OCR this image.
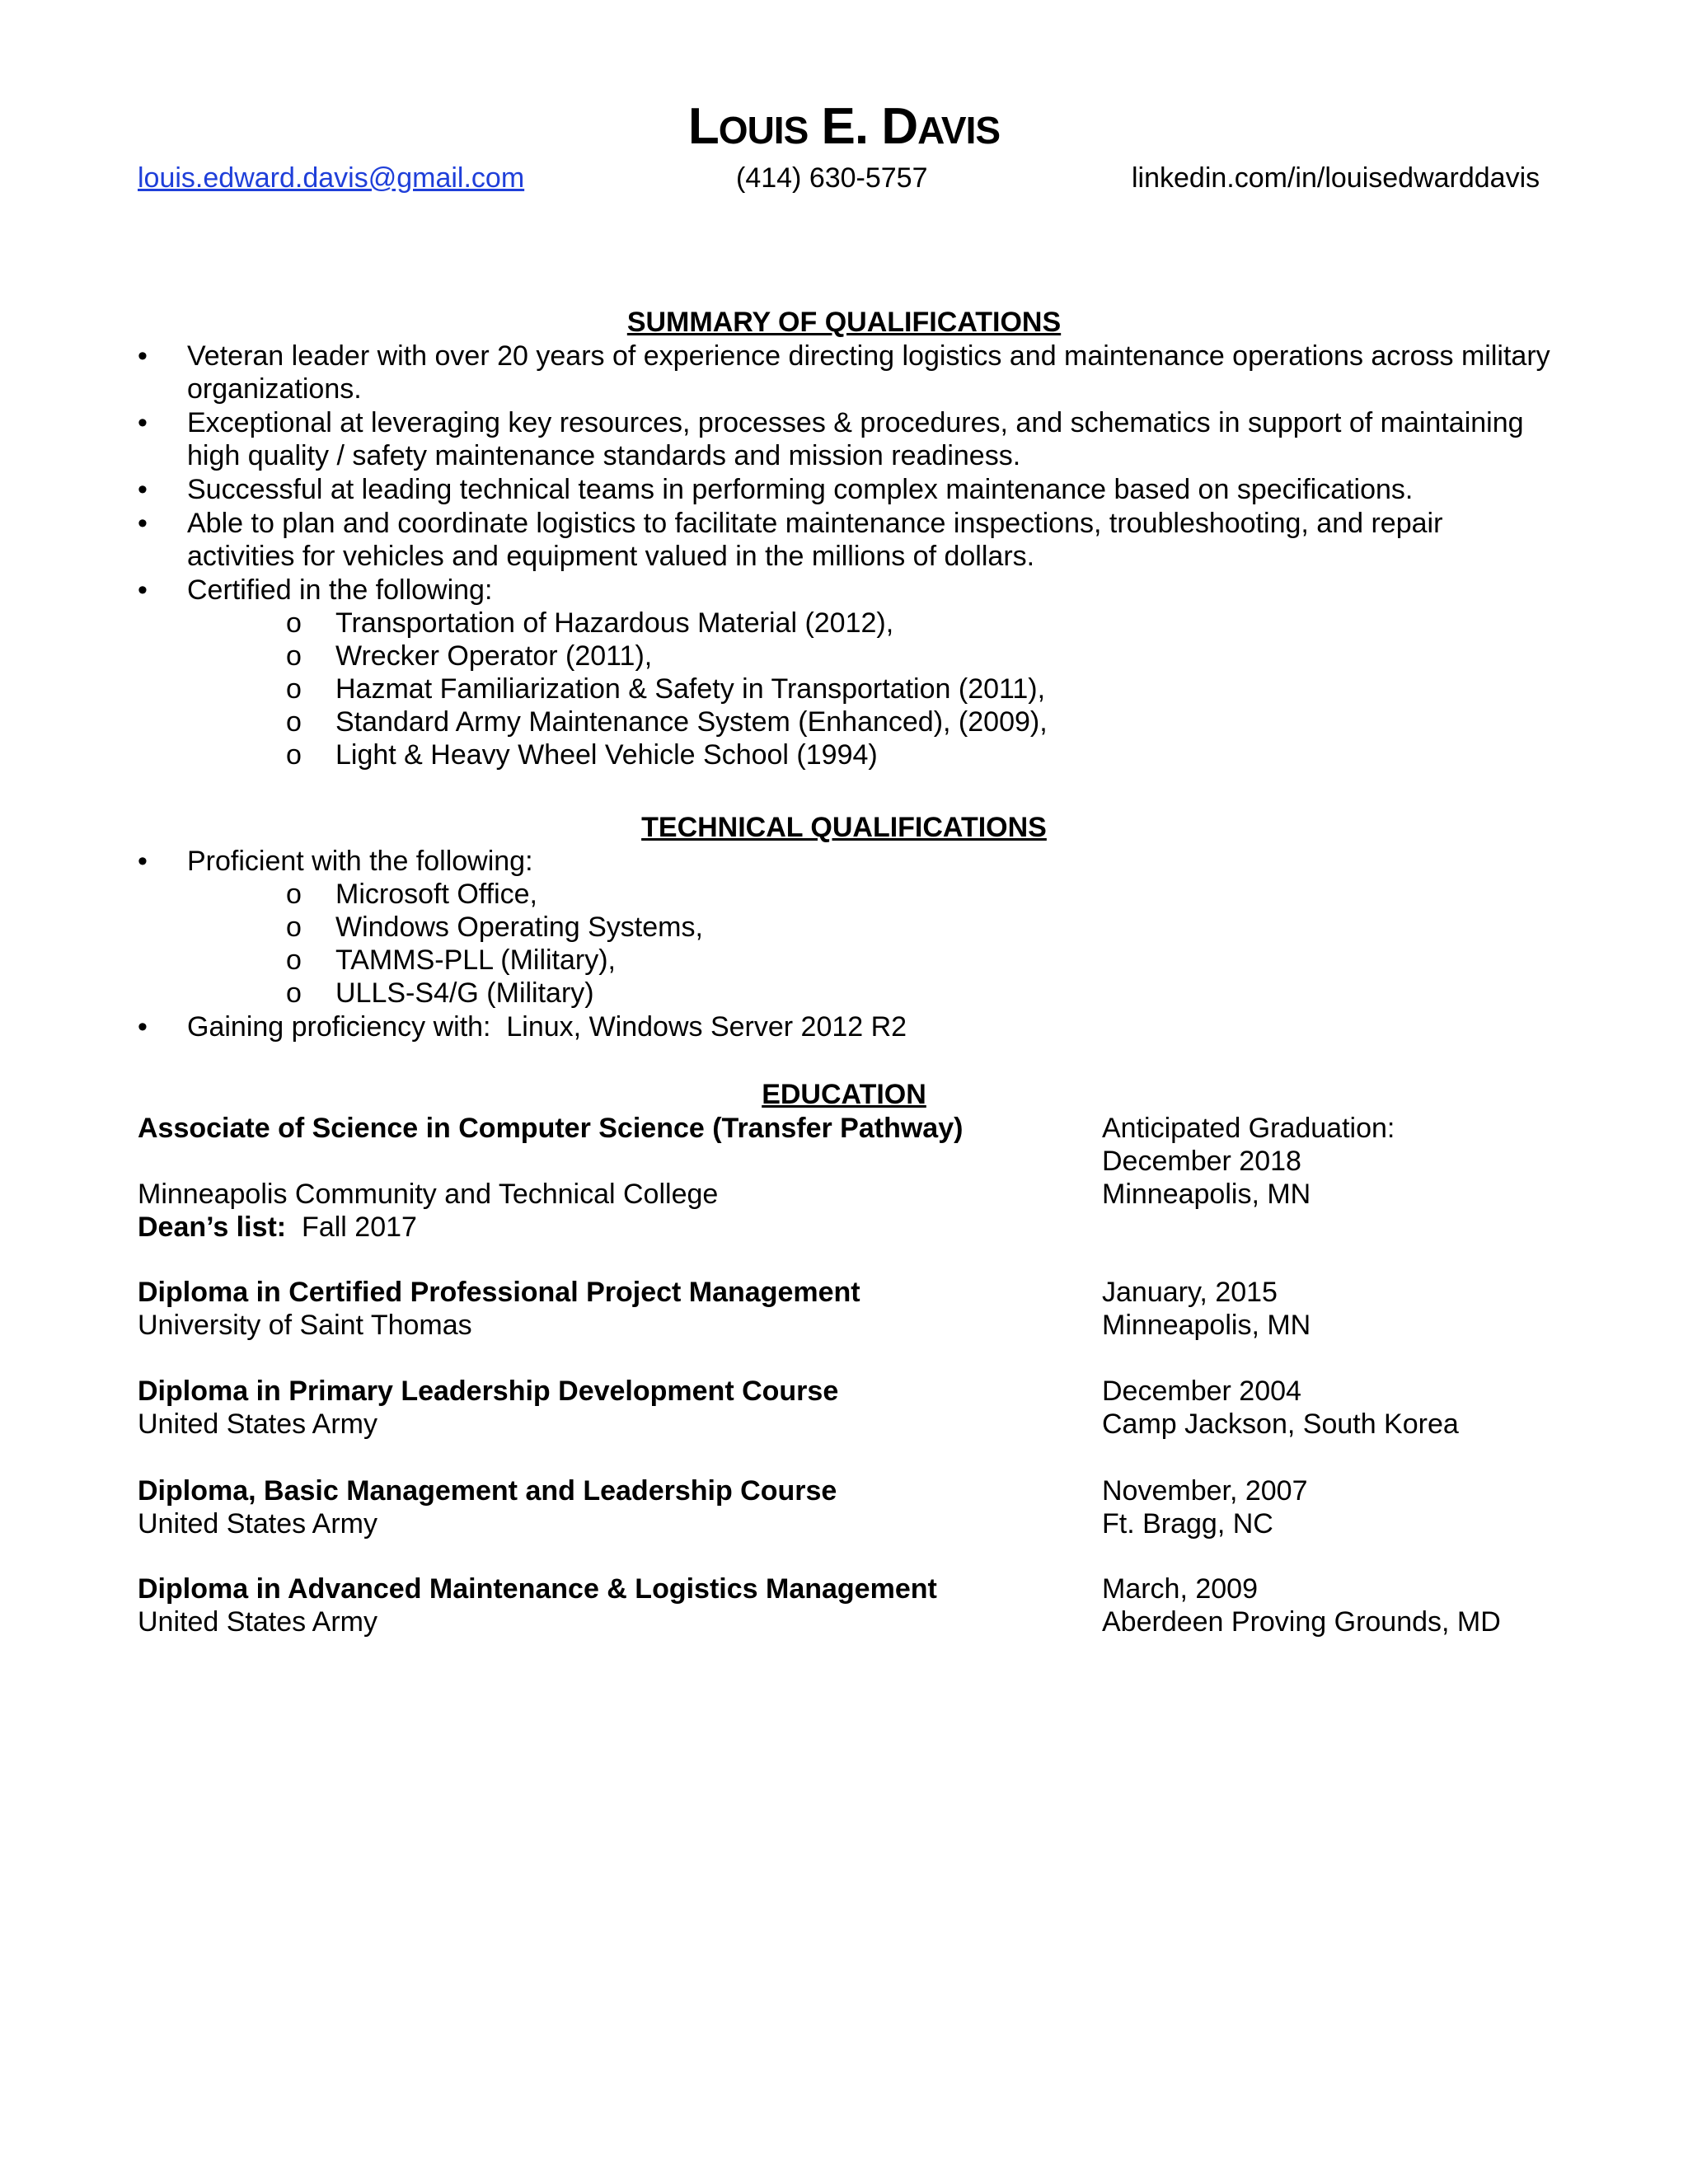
LOUIS E. DAVIS
louis.edward.davis@gmail.com	(414) 630-5757	linkedin.com/in/louisedwarddavis
SUMMARY OF QUALIFICATIONS
• Veteran leader with over 20 years of experience directing logistics and maintenance operations across military organizations.
• Exceptional at leveraging key resources, processes & procedures, and schematics in support of maintaining high quality / safety maintenance standards and mission readiness.
• Successful at leading technical teams in performing complex maintenance based on specifications.
• Able to plan and coordinate logistics to facilitate maintenance inspections, troubleshooting, and repair activities for vehicles and equipment valued in the millions of dollars.
• Certified in the following:
o Transportation of Hazardous Material (2012),
o Wrecker Operator (2011),
o Hazmat Familiarization & Safety in Transportation (2011),
o Standard Army Maintenance System (Enhanced), (2009),
o Light & Heavy Wheel Vehicle School (1994)
TECHNICAL QUALIFICATIONS
• Proficient with the following:
o Microsoft Office,
o Windows Operating Systems,
o TAMMS-PLL (Military),
o ULLS-S4/G (Military)
• Gaining proficiency with:  Linux, Windows Server 2012 R2
EDUCATION
Associate of Science in Computer Science (Transfer Pathway)	Anticipated Graduation:
December 2018
Minneapolis Community and Technical College	Minneapolis, MN
Dean’s list: Fall 2017
Diploma in Certified Professional Project Management	January, 2015
University of Saint Thomas	Minneapolis, MN
Diploma in Primary Leadership Development Course	December 2004
United States Army	Camp Jackson, South Korea
Diploma, Basic Management and Leadership Course	November, 2007
United States Army	Ft. Bragg, NC
Diploma in Advanced Maintenance & Logistics Management	March, 2009
United States Army	Aberdeen Proving Grounds, MD
